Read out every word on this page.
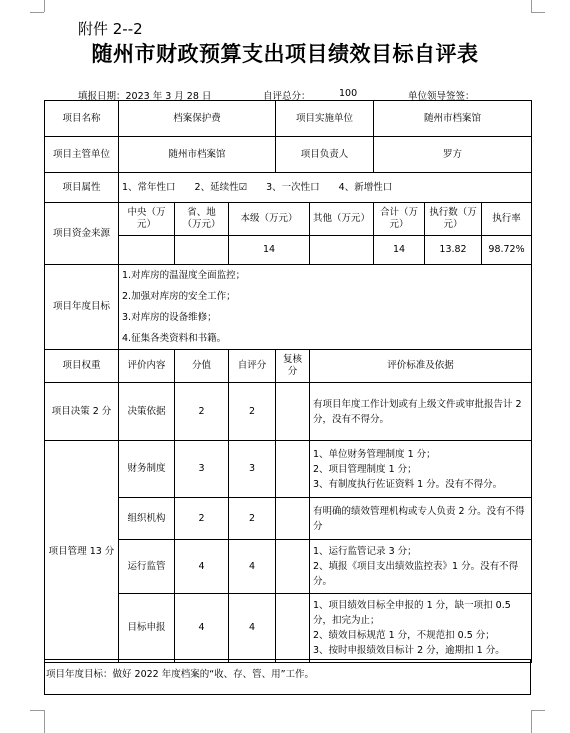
附件 2--2
随州市财政预算支出项目绩效目标自评表
填报日期：2023 年 3 月 28 日	自评总分：	100	单位领导签签：
项目名称	档案保护费			项目实施单位		随州市档案馆		
项目主管单位	随州市档案馆			项目负责人		罗方		
项目属性	1、常年性口　　2、延续性☑　　3、一次性口　　4、新增性口							
项目资金来源	中央（万元）	省、地（万元）	本级（万元）		其他（万元）	合计（万元）	执行数（万元）	执行率
			14			14	13.82	98.72%
项目年度目标	1.对库房的温湿度全面监控；

2.加强对库房的安全工作；

3.对库房的设备维修；

4.征集各类资料和书籍。							

项目权重	评价内容	分值	自评分	复核分	评价标准及依据			
项目决策 2 分	决策依据	2	2		有项目年度工作计划或有上级文件或审批报告计 2 分，没有不得分。			

项目管理 13 分	财务制度	3	3		1、单位财务管理制度 1 分；

2、项目管理制度 1 分；

3、有制度执行佐证资料 1 分。没有不得分。			

	组织机构	2	2		有明确的绩效管理机构或专人负责 2 分。没有不得分			

	运行监管	4	4		1、运行监管记录 3 分；

2、填报《项目支出绩效监控表》1 分。没有不得分。			

	目标申报	4	4		1、项目绩效目标全申报的 1 分，缺一项扣 0.5 分，扣完为止；

2、绩效目标规范 1 分，不规范扣 0.5 分；

3、按时申报绩效目标计 2 分，逾期扣 1 分。			

项目年度目标：做好 2022 年度档案的“收、存、管、用”工作。
